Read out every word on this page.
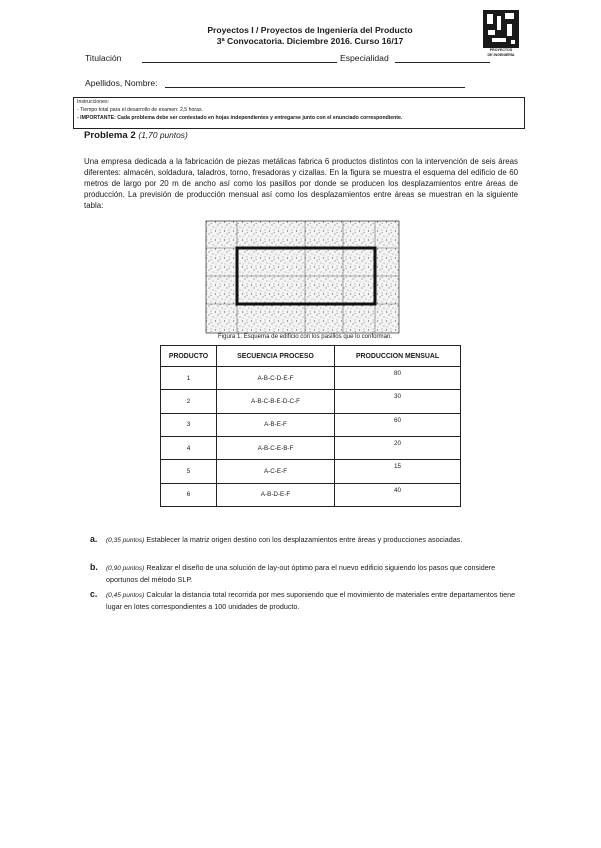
Proyectos I / Proyectos de Ingeniería del Producto
3ª Convocatoria. Diciembre 2016. Curso 16/17
PROYECTOS
DE INGENIERÍA
Titulación	Especialidad
Apellidos, Nombre:
Instrucciones:
- Tiempo total para el desarrollo de examen: 2,5 horas.
- IMPORTANTE: Cada problema debe ser contestado en hojas independientes y entregarse junto con el enunciado correspondiente.
Problema 2 (1,70 puntos)
Una empresa dedicada a la fabricación de piezas metálicas fabrica 6 productos distintos con la intervención de seis áreas diferentes: almacén, soldadura, taladros, torno, fresadoras y cizallas. En la figura se muestra el esquema del edificio de 60 metros de largo por 20 m de ancho así como los pasillos por donde se producen los desplazamientos entre áreas de producción. La previsión de producción mensual así como los desplazamientos entre áreas se muestran en la siguiente tabla:
Figura 1. Esquema de edificio con los pasillos que lo conforman.
PRODUCTO	SECUENCIA PROCESO	PRODUCCION MENSUAL
1	A-B-C-D-E-F	80
2	A-B-C-B-E-D-C-F	30
3	A-B-E-F	60
4	A-B-C-E-B-F	20
5	A-C-E-F	15
6	A-B-D-E-F	40
a. (0,35 puntos) Establecer la matriz origen destino con los desplazamientos entre áreas y producciones asociadas.
b. (0,90 puntos) Realizar el diseño de una solución de lay-out óptimo para el nuevo edificio siguiendo los pasos que considere oportunos del método SLP.
c. (0,45 puntos) Calcular la distancia total recorrida por mes suponiendo que el movimiento de materiales entre departamentos tiene lugar en lotes correspondientes a 100 unidades de producto.
